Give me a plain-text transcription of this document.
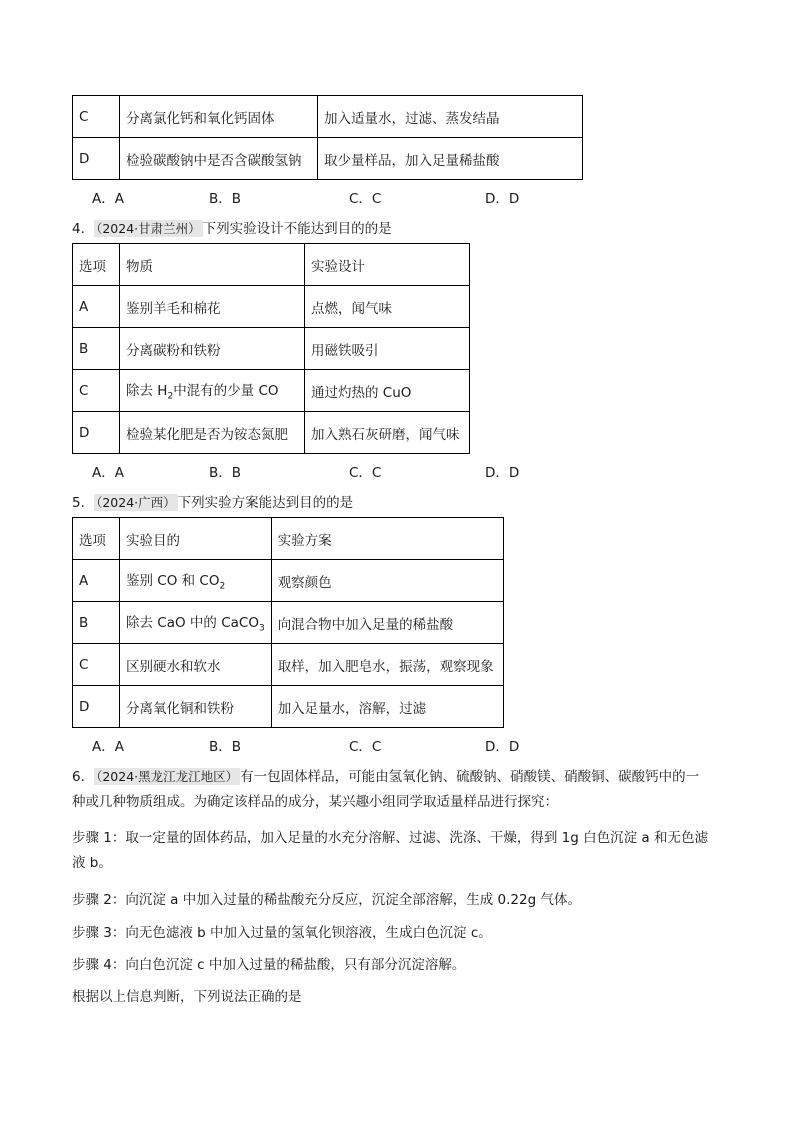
C	分离氯化钙和氧化钙固体	加入适量水，过滤、蒸发结晶
D	检验碳酸钠中是否含碳酸氢钠	取少量样品，加入足量稀盐酸
A．A	B．B	C．C	D．D
4． （2024·甘肃兰州） 下列实验设计不能达到目的的是
选项	物质	实验设计
A	鉴别羊毛和棉花	点燃，闻气味
B	分离碳粉和铁粉	用磁铁吸引
C	除去 $H_2$中混有的少量 CO	通过灼热的 CuO
D	检验某化肥是否为铵态氮肥	加入熟石灰研磨，闻气味
A．A	B．B	C．C	D．D
5． （2024·广西） 下列实验方案能达到目的的是
选项	实验目的	实验方案
A	鉴别 CO 和 $CO_2$	观察颜色
B	除去 CaO 中的 CaCO$_3$	向混合物中加入足量的稀盐酸
C	区别硬水和软水	取样，加入肥皂水，振荡，观察现象
D	分离氧化铜和铁粉	加入足量水，溶解，过滤
A．A	B．B	C．C	D．D
6． （2024·黑龙江龙江地区） 有一包固体样品，可能由氢氧化钠、硫酸钠、硝酸镁、硝酸铜、碳酸钙中的一
种或几种物质组成。为确定该样品的成分，某兴趣小组同学取适量样品进行探究：
步骤 1：取一定量的固体药品，加入足量的水充分溶解、过滤、洗涤、干燥，得到 1g 白色沉淀 a 和无色滤
液 b。
步骤 2：向沉淀 a 中加入过量的稀盐酸充分反应，沉淀全部溶解，生成 0.22g 气体。
步骤 3：向无色滤液 b 中加入过量的氢氧化钡溶液，生成白色沉淀 c。
步骤 4：向白色沉淀 c 中加入过量的稀盐酸，只有部分沉淀溶解。
根据以上信息判断，下列说法正确的是
